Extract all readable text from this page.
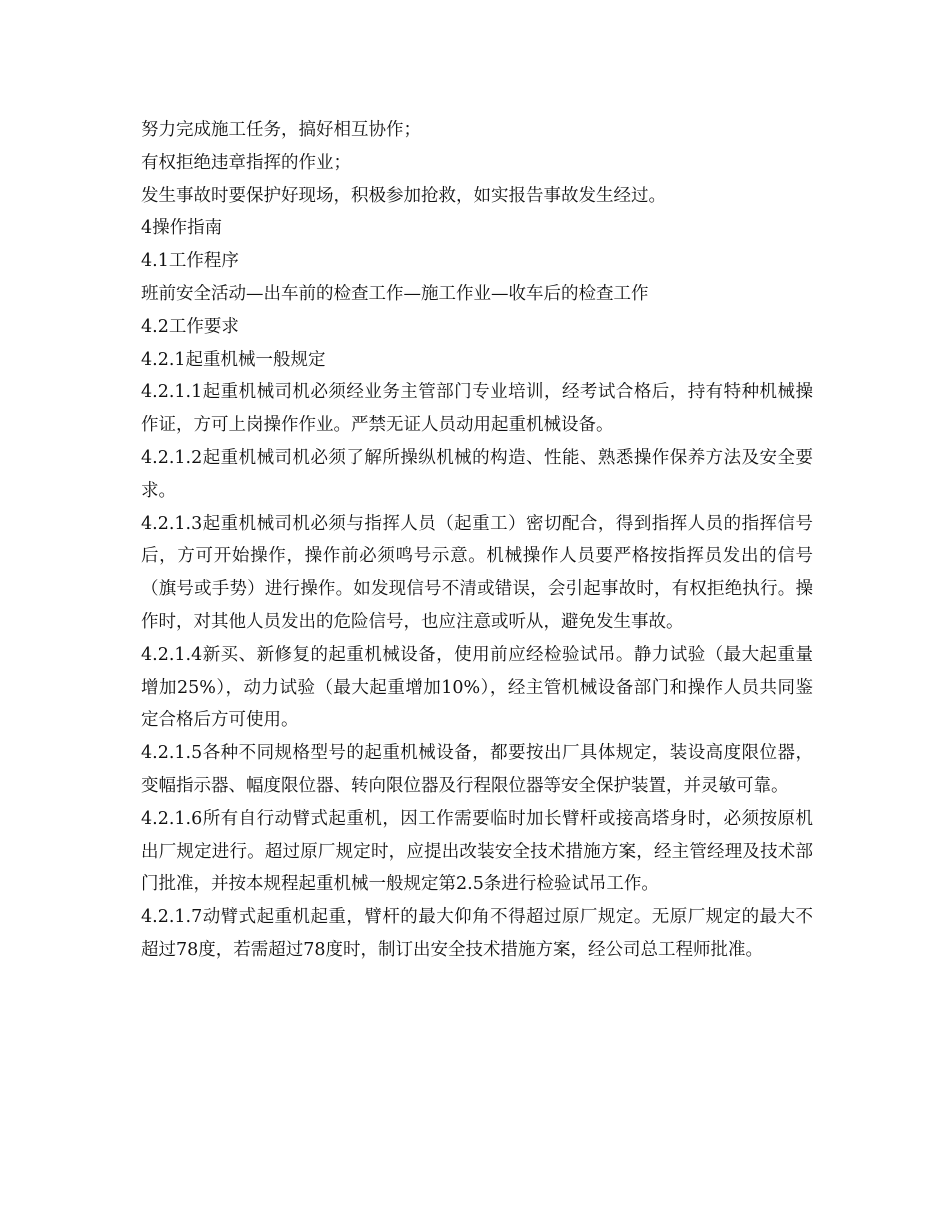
努力完成施工任务，搞好相互协作；

有权拒绝违章指挥的作业；

发生事故时要保护好现场，积极参加抢救，如实报告事故发生经过。

4操作指南

4.1工作程序

班前安全活动—出车前的检查工作—施工作业—收车后的检查工作

4.2工作要求

4.2.1起重机械一般规定

4.2.1.1起重机械司机必须经业务主管部门专业培训，经考试合格后，持有特种机械操作证，方可上岗操作作业。严禁无证人员动用起重机械设备。

4.2.1.2起重机械司机必须了解所操纵机械的构造、性能、熟悉操作保养方法及安全要求。

4.2.1.3起重机械司机必须与指挥人员（起重工）密切配合，得到指挥人员的指挥信号后，方可开始操作，操作前必须鸣号示意。机械操作人员要严格按指挥员发出的信号（旗号或手势）进行操作。如发现信号不清或错误，会引起事故时，有权拒绝执行。操作时，对其他人员发出的危险信号，也应注意或听从，避免发生事故。

4.2.1.4新买、新修复的起重机械设备，使用前应经检验试吊。静力试验（最大起重量增加25%），动力试验（最大起重增加10%），经主管机械设备部门和操作人员共同鉴定合格后方可使用。

4.2.1.5各种不同规格型号的起重机械设备，都要按出厂具体规定，装设高度限位器，变幅指示器、幅度限位器、转向限位器及行程限位器等安全保护装置，并灵敏可靠。

4.2.1.6所有自行动臂式起重机，因工作需要临时加长臂杆或接高塔身时，必须按原机出厂规定进行。超过原厂规定时，应提出改装安全技术措施方案，经主管经理及技术部门批准，并按本规程起重机械一般规定第2.5条进行检验试吊工作。

4.2.1.7动臂式起重机起重，臂杆的最大仰角不得超过原厂规定。无原厂规定的最大不超过78度，若需超过78度时，制订出安全技术措施方案，经公司总工程师批准。
